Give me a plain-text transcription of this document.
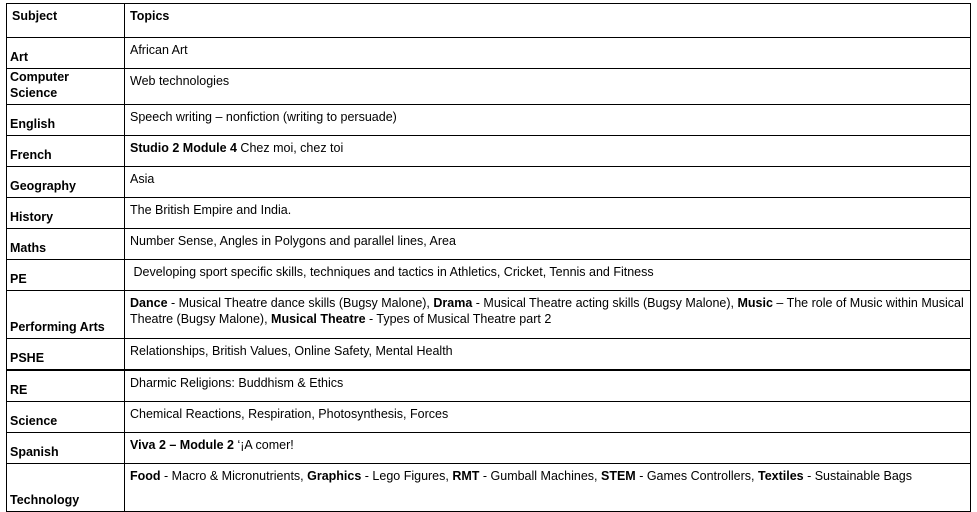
Subject	Topics
Art	African Art
Computer Science	Web technologies
English	Speech writing – nonfiction (writing to persuade)
French	Studio 2 Module 4 Chez moi, chez toi
Geography	Asia
History	The British Empire and India.
Maths	Number Sense, Angles in Polygons and parallel lines, Area
PE	Developing sport specific skills, techniques and tactics in Athletics, Cricket, Tennis and Fitness
Performing Arts	Dance - Musical Theatre dance skills (Bugsy Malone), Drama - Musical Theatre acting skills (Bugsy Malone), Music – The role of Music within Musical Theatre (Bugsy Malone), Musical Theatre - Types of Musical Theatre part 2
PSHE	Relationships, British Values, Online Safety, Mental Health
RE	Dharmic Religions: Buddhism & Ethics
Science	Chemical Reactions, Respiration, Photosynthesis, Forces
Spanish	Viva 2 – Module 2 ‘¡A comer!
Technology	Food - Macro & Micronutrients, Graphics - Lego Figures, RMT - Gumball Machines, STEM - Games Controllers, Textiles - Sustainable Bags
